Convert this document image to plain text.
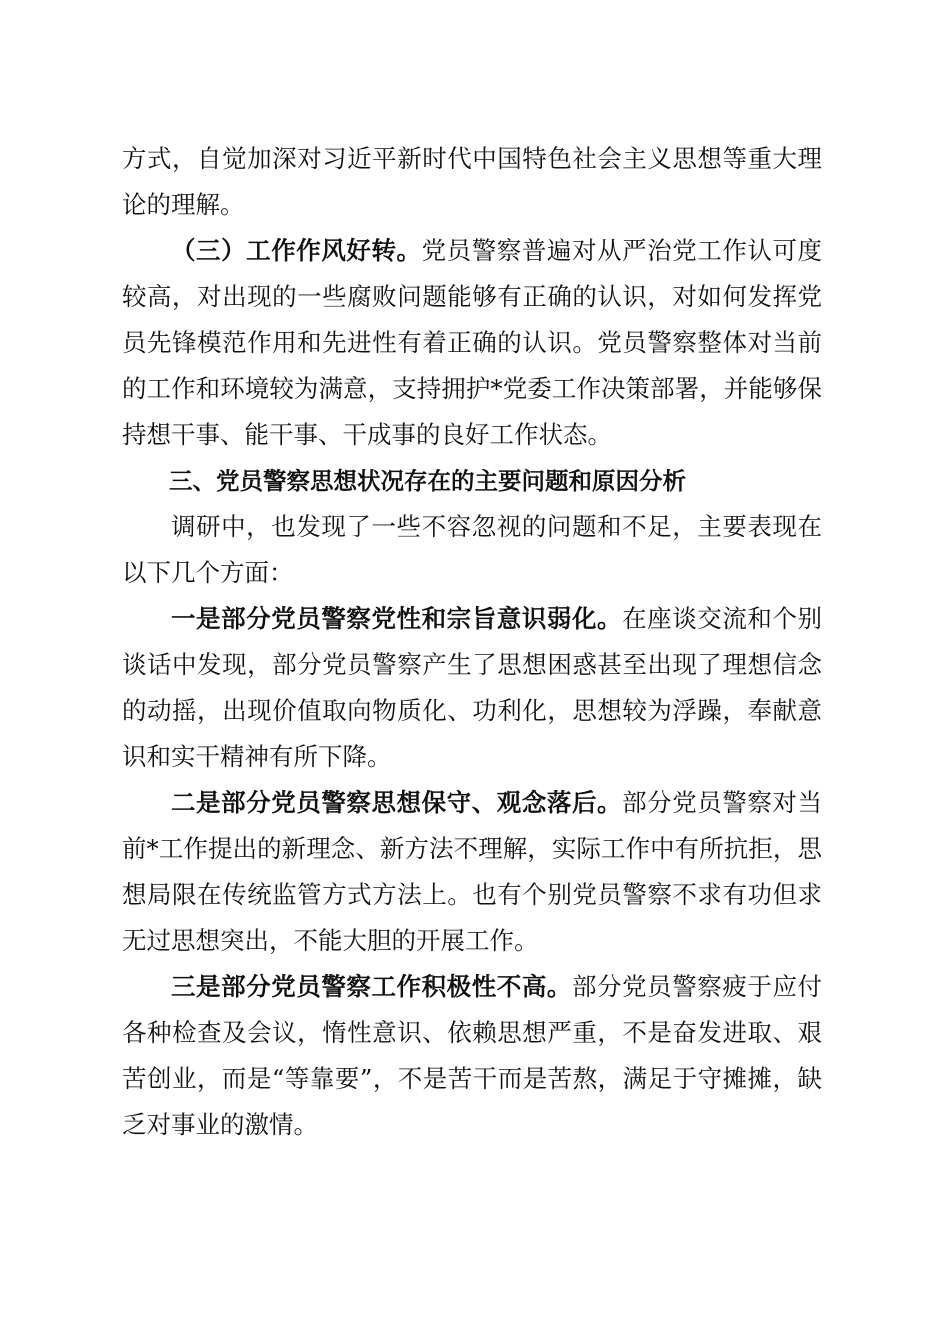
方式，自觉加深对习近平新时代中国特色社会主义思想等重大理论的理解。

（三）工作作风好转。党员警察普遍对从严治党工作认可度较高，对出现的一些腐败问题能够有正确的认识，对如何发挥党员先锋模范作用和先进性有着正确的认识。党员警察整体对当前的工作和环境较为满意，支持拥护*党委工作决策部署，并能够保持想干事、能干事、干成事的良好工作状态。

三、党员警察思想状况存在的主要问题和原因分析

调研中，也发现了一些不容忽视的问题和不足，主要表现在以下几个方面：

一是部分党员警察党性和宗旨意识弱化。在座谈交流和个别谈话中发现，部分党员警察产生了思想困惑甚至出现了理想信念的动摇，出现价值取向物质化、功利化，思想较为浮躁，奉献意识和实干精神有所下降。

二是部分党员警察思想保守、观念落后。部分党员警察对当前*工作提出的新理念、新方法不理解，实际工作中有所抗拒，思想局限在传统监管方式方法上。也有个别党员警察不求有功但求无过思想突出，不能大胆的开展工作。

三是部分党员警察工作积极性不高。部分党员警察疲于应付各种检查及会议，惰性意识、依赖思想严重，不是奋发进取、艰苦创业，而是“等靠要”，不是苦干而是苦熬，满足于守摊摊，缺乏对事业的激情。
